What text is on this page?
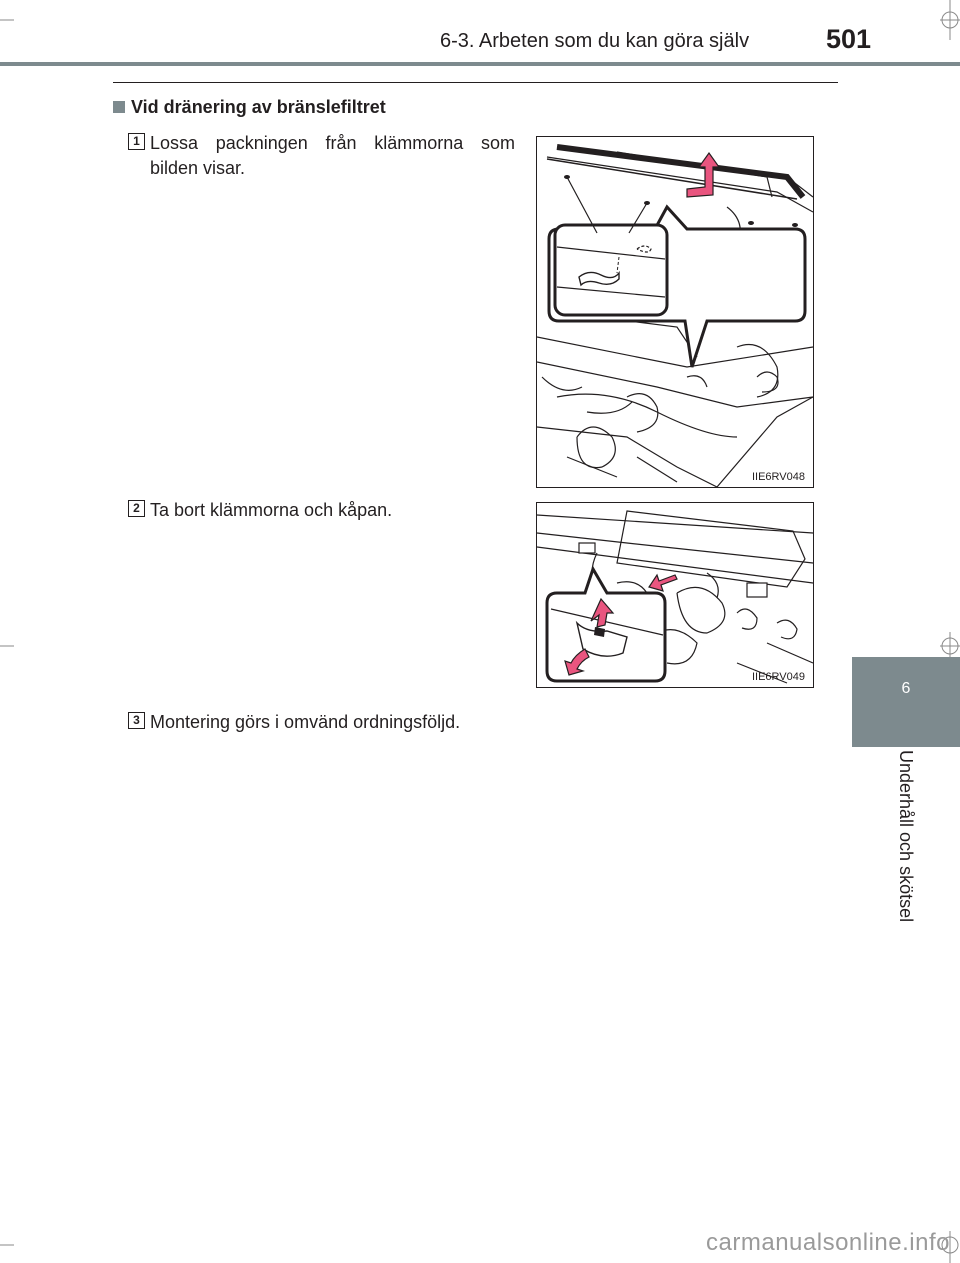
6-3. Arbeten som du kan göra själv	501
6
Underhåll och skötsel
Vid dränering av bränslefiltret
1 Lossa packningen från klämmorna som bilden visar.
IIE6RV048
2 Ta bort klämmorna och kåpan.
IIE6RV049
3 Montering görs i omvänd ordningsföljd.
carmanualsonline.info
